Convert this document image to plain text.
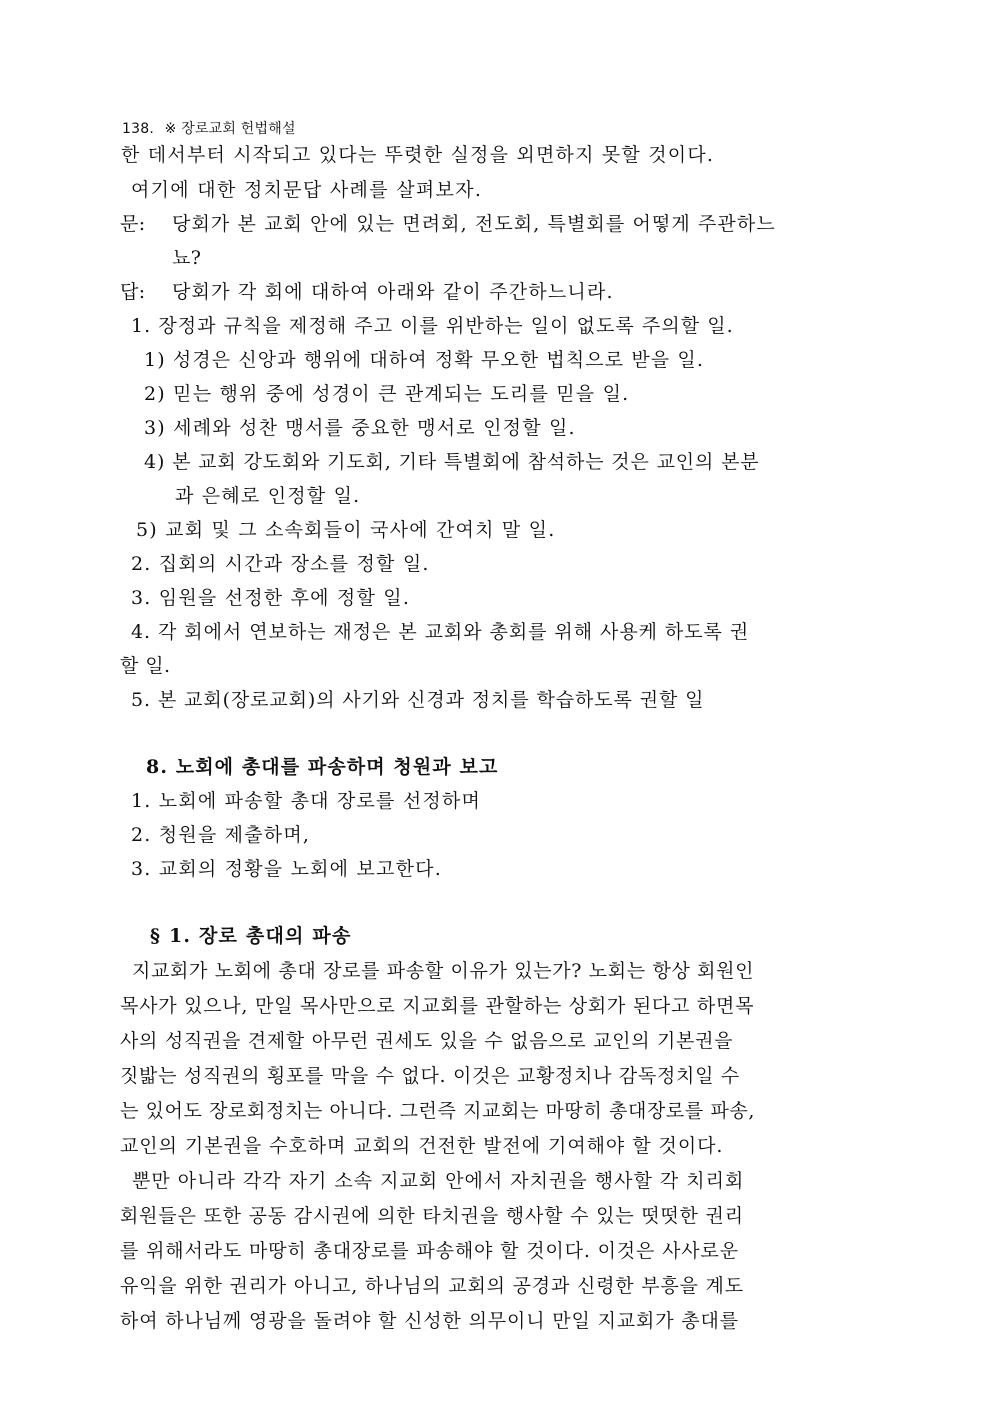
138. ※ 장로교회 헌법해설
한 데서부터 시작되고 있다는 뚜렷한 실정을 외면하지 못할 것이다.
여기에 대한 정치문답 사례를 살펴보자.
문: 당회가 본 교회 안에 있는 면려회, 전도회, 특별회를 어떻게 주관하느
뇨?
답: 당회가 각 회에 대하여 아래와 같이 주간하느니라.
1. 장정과 규칙을 제정해 주고 이를 위반하는 일이 없도록 주의할 일.
1) 성경은 신앙과 행위에 대하여 정확 무오한 법칙으로 받을 일.
2) 믿는 행위 중에 성경이 큰 관계되는 도리를 믿을 일.
3) 세례와 성찬 맹서를 중요한 맹서로 인정할 일.
4) 본 교회 강도회와 기도회, 기타 특별회에 참석하는 것은 교인의 본분
과 은혜로 인정할 일.
5) 교회 및 그 소속회들이 국사에 간여치 말 일.
2. 집회의 시간과 장소를 정할 일.
3. 임원을 선정한 후에 정할 일.
4. 각 회에서 연보하는 재정은 본 교회와 총회를 위해 사용케 하도록 권
할 일.
5. 본 교회(장로교회)의 사기와 신경과 정치를 학습하도록 권할 일
8. 노회에 총대를 파송하며 청원과 보고
1. 노회에 파송할 총대 장로를 선정하며
2. 청원을 제출하며,
3. 교회의 정황을 노회에 보고한다.
§ 1. 장로 총대의 파송
지교회가 노회에 총대 장로를 파송할 이유가 있는가? 노회는 항상 회원인
목사가 있으나, 만일 목사만으로 지교회를 관할하는 상회가 된다고 하면목
사의 성직권을 견제할 아무런 권세도 있을 수 없음으로 교인의 기본권을
짓밟는 성직권의 횡포를 막을 수 없다. 이것은 교황정치나 감독정치일 수
는 있어도 장로회정치는 아니다. 그런즉 지교회는 마땅히 총대장로를 파송,
교인의 기본권을 수호하며 교회의 건전한 발전에 기여해야 할 것이다.
뿐만 아니라 각각 자기 소속 지교회 안에서 자치권을 행사할 각 치리회
회원들은 또한 공동 감시권에 의한 타치권을 행사할 수 있는 떳떳한 권리
를 위해서라도 마땅히 총대장로를 파송해야 할 것이다. 이것은 사사로운
유익을 위한 권리가 아니고, 하나님의 교회의 공경과 신령한 부흥을 계도
하여 하나님께 영광을 돌려야 할 신성한 의무이니 만일 지교회가 총대를
